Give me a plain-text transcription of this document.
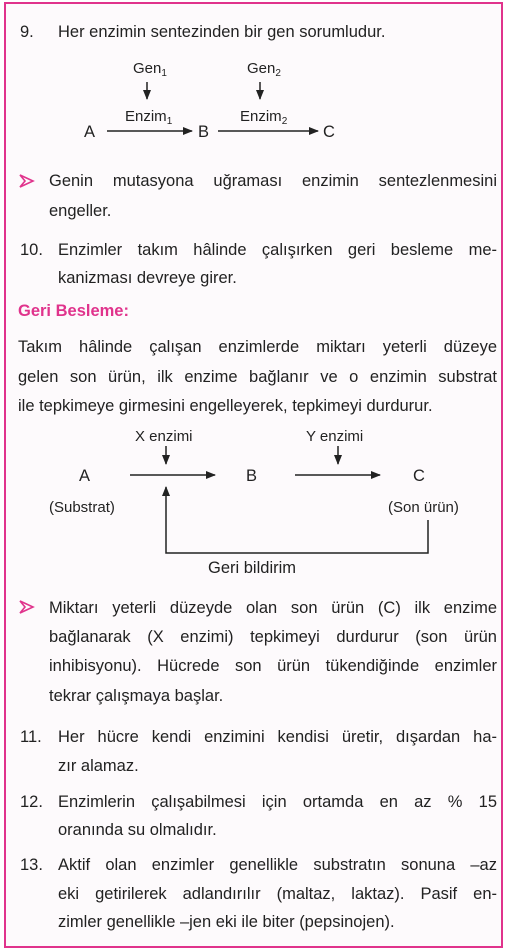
9. Her enzimin sentezinden bir gen sorumludur.
Gen$_1$	Gen$_2$
Enzim$_1$	Enzim$_2$
A	B	C
Genin mutasyona uğraması enzimin sentezlenmesini
engeller.
10. Enzimler takım hâlinde çalışırken geri besleme me-
kanizması devreye girer.
Geri Besleme:
Takım hâlinde çalışan enzimlerde miktarı yeterli düzeye
gelen son ürün, ilk enzime bağlanır ve o enzimin substrat
ile tepkimeye girmesini engelleyerek, tepkimeyi durdurur.
X enzimi	Y enzimi
A	B	C
(Substrat)	(Son ürün)
Geri bildirim
Miktarı yeterli düzeyde olan son ürün (C) ilk enzime
bağlanarak (X enzimi) tepkimeyi durdurur (son ürün
inhibisyonu). Hücrede son ürün tükendiğinde enzimler
tekrar çalışmaya başlar.
11. Her hücre kendi enzimini kendisi üretir, dışardan ha-
zır alamaz.
12. Enzimlerin çalışabilmesi için ortamda en az % 15
oranında su olmalıdır.
13. Aktif olan enzimler genellikle substratın sonuna –az
eki getirilerek adlandırılır (maltaz, laktaz). Pasif en-
zimler genellikle –jen eki ile biter (pepsinojen).
